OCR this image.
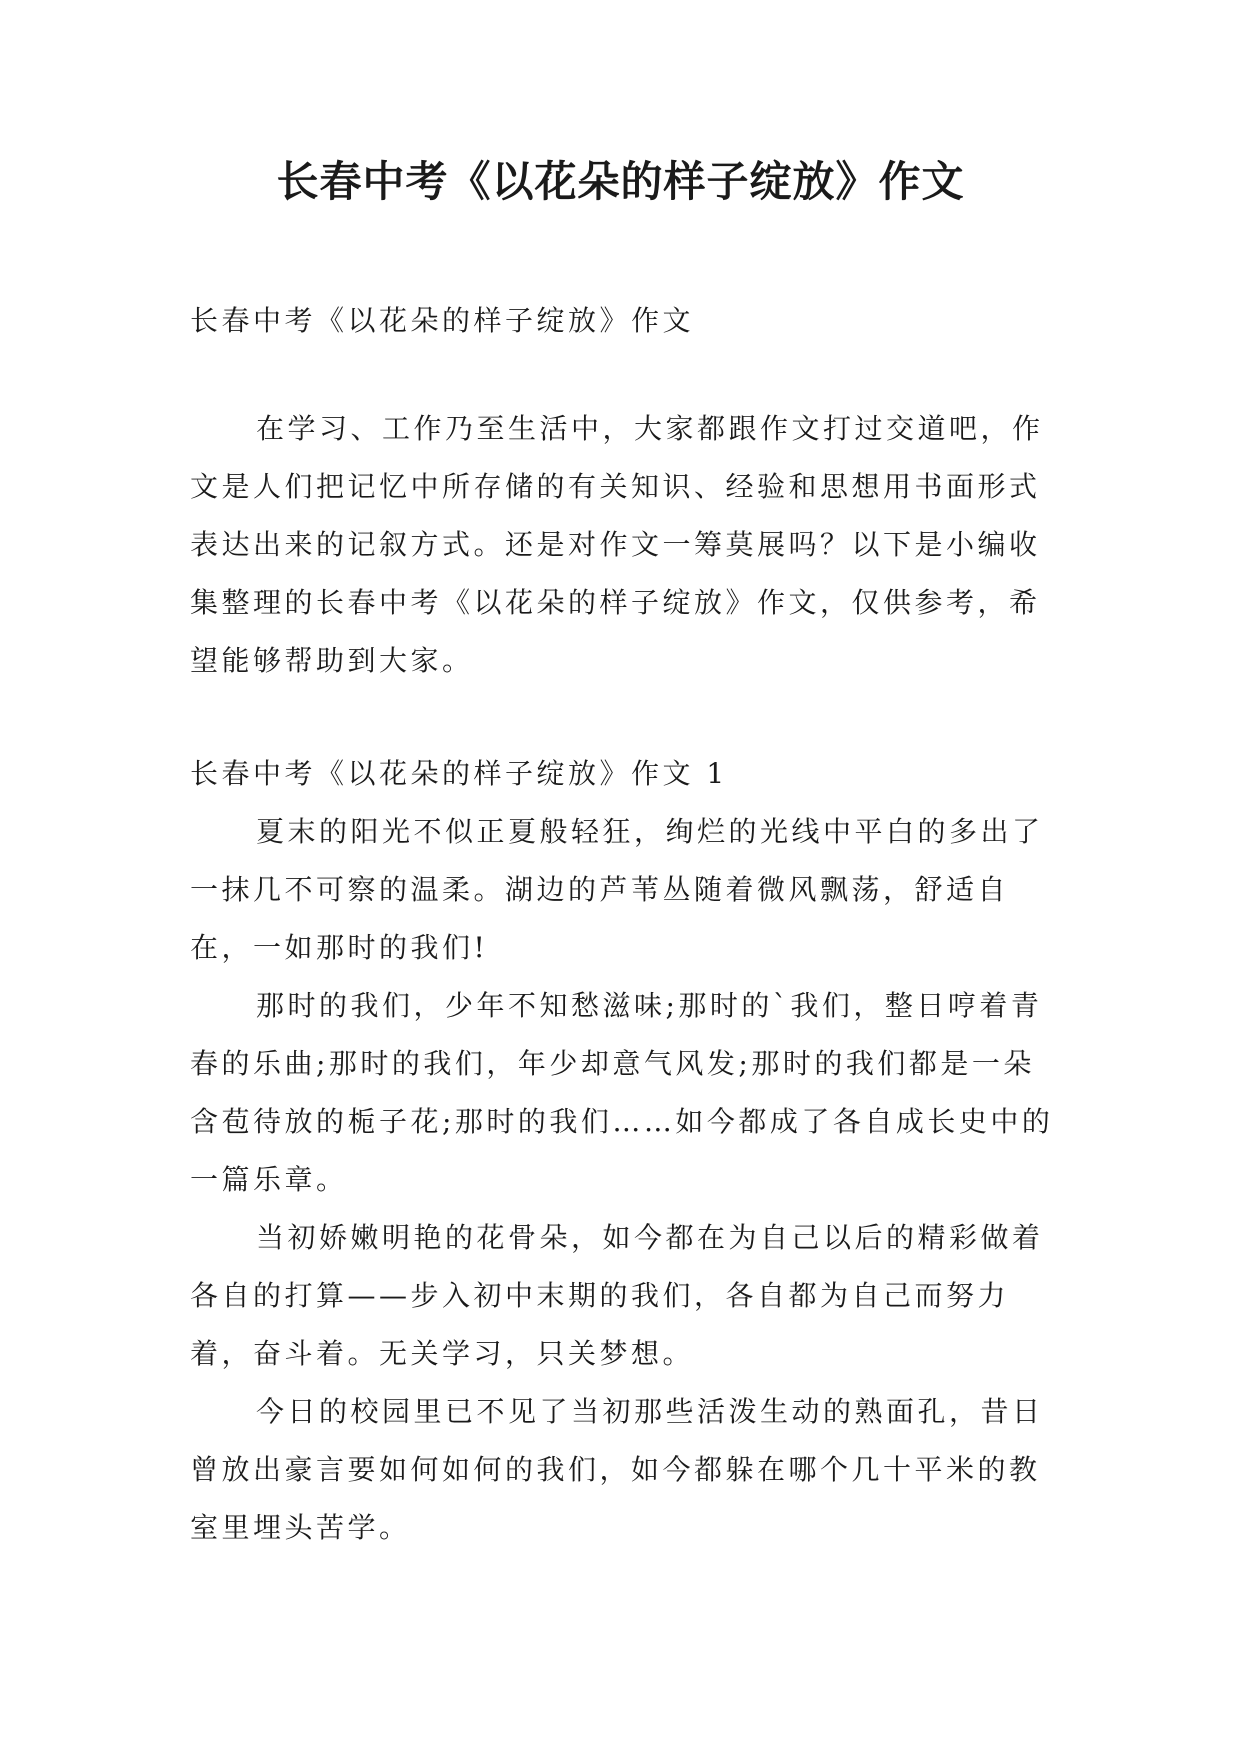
长春中考《以花朵的样子绽放》作文

长春中考《以花朵的样子绽放》作文

在学习、工作乃至生活中，大家都跟作文打过交道吧，作文是人们把记忆中所存储的有关知识、经验和思想用书面形式表达出来的记叙方式。还是对作文一筹莫展吗？以下是小编收集整理的长春中考《以花朵的样子绽放》作文，仅供参考，希望能够帮助到大家。

长春中考《以花朵的样子绽放》作文 1

夏末的阳光不似正夏般轻狂，绚烂的光线中平白的多出了一抹几不可察的温柔。湖边的芦苇丛随着微风飘荡，舒适自在，一如那时的我们!

那时的我们，少年不知愁滋味;那时的`我们，整日哼着青春的乐曲;那时的我们，年少却意气风发;那时的我们都是一朵含苞待放的栀子花;那时的我们……如今都成了各自成长史中的一篇乐章。

当初娇嫩明艳的花骨朵，如今都在为自己以后的精彩做着各自的打算——步入初中末期的我们，各自都为自己而努力着，奋斗着。无关学习，只关梦想。

今日的校园里已不见了当初那些活泼生动的熟面孔，昔日曾放出豪言要如何如何的我们，如今都躲在哪个几十平米的教室里埋头苦学。
